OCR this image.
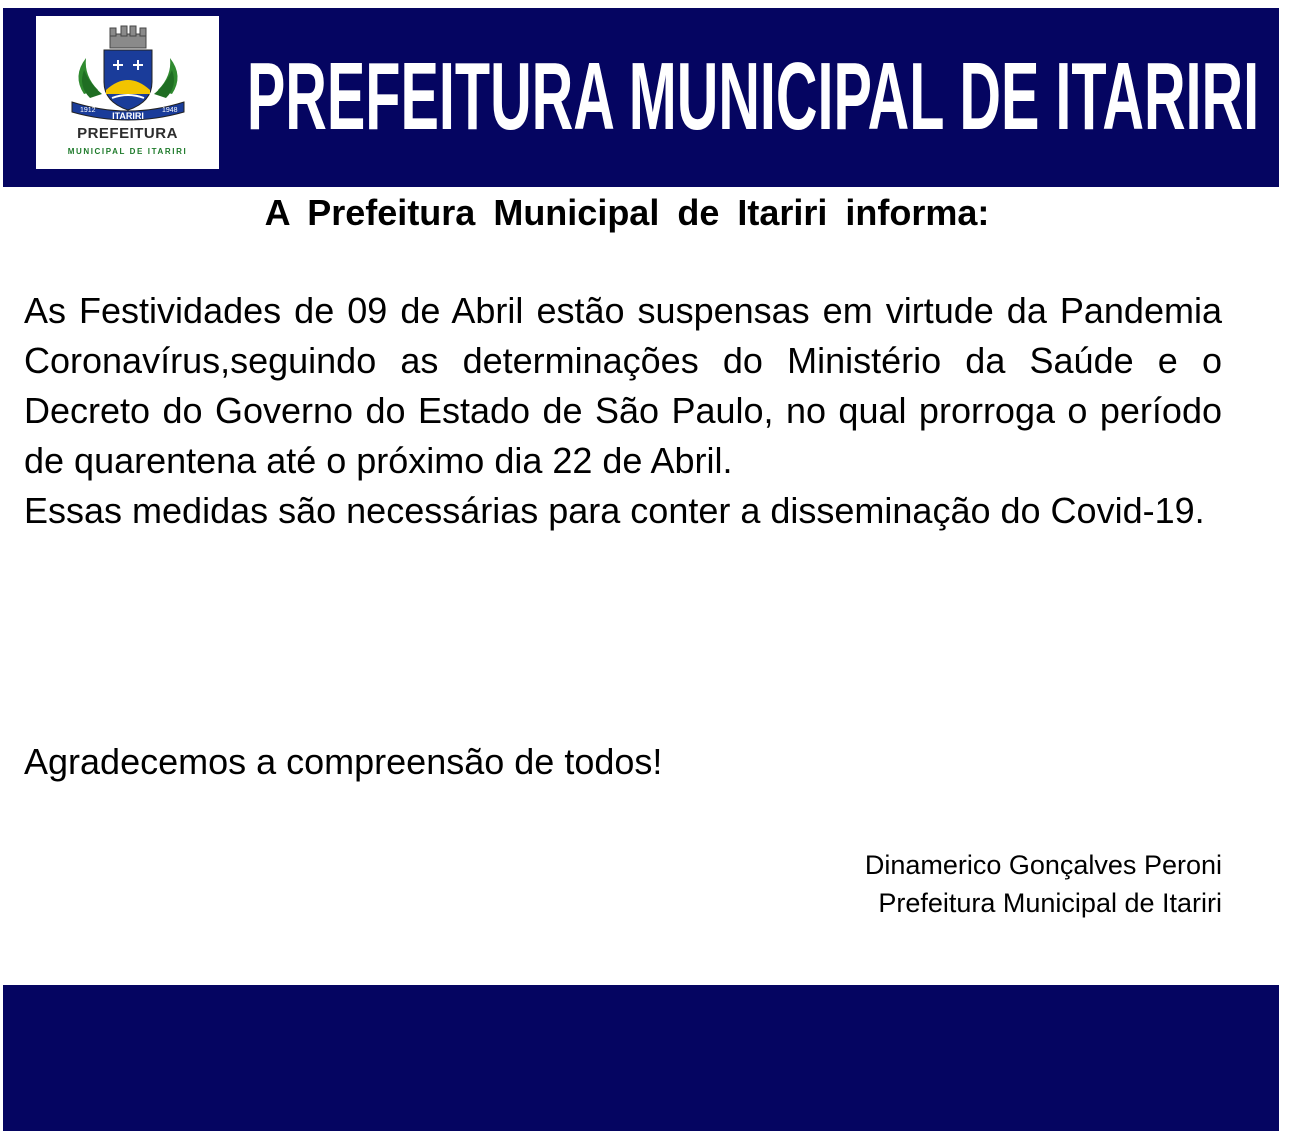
1912
ITARIRI
1948
PREFEITURA
MUNICIPAL DE ITARIRI
PREFEITURA MUNICIPAL DE ITARIRI
A Prefeitura Municipal de Itariri informa:

As Festividades de 09 de Abril estão suspensas em virtude da Pandemia Coronavírus,seguindo as determinações do Ministério da Saúde e o Decreto do Governo do Estado de São Paulo, no qual prorroga o período de quarentena até o próximo dia 22 de Abril.

Essas medidas são necessárias para conter a disseminação do Covid-19.

Agradecemos a compreensão de todos!
Dinamerico Gonçalves Peroni
Prefeitura Municipal de Itariri
